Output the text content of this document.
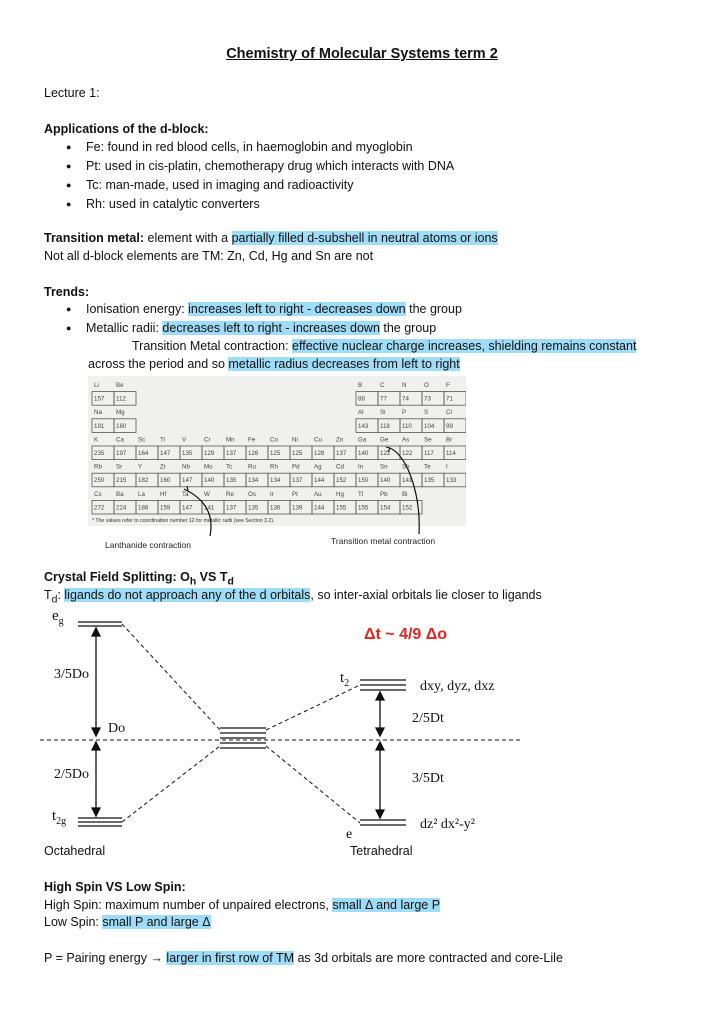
Chemistry of Molecular Systems term 2
Lecture 1:
Applications of the d-block:
● Fe: found in red blood cells, in haemoglobin and myoglobin
● Pt: used in cis-platin, chemotherapy drug which interacts with DNA
● Tc: man-made, used in imaging and radioactivity
● Rh: used in catalytic converters
Transition metal: element with a partially filled d-subshell in neutral atoms or ions
Not all d-block elements are TM: Zn, Cd, Hg and Sn are not
Trends:
● Ionisation energy: increases left to right - decreases down the group
● Metallic radii: decreases left to right - increases down the group
Transition Metal contraction: effective nuclear charge increases, shielding remains constant
across the period and so metallic radius decreases from left to right
Li	Be	B	C	N	O	F
157 112	88 77 74 73 71
Na Mg	Al	Si	P	S	Cl
191 160	143 118 110 104 99
K	Ca Sc Ti	V	Cr Mn Fe Co Ni	Cu Zn Ga Ge As Se Br
235 197 164 147 135 129 137 126 125 125 128 137 140 122 122 117 114
Rb Sr	Y	Zr	Nb Mo Tc	Ru Rh Pd Ag Cd In	Sn Sb Te I
250 215 182 160 147 140 135 134 134 137 144 152 150 140 141 135 133
Cs Ba La Hf	Ta W	Re Os Ir	Pt	Au Hg Tl	Pb Bi
272 224 188 159 147 141 137 135 136 139 144 155 155 154 152
* The values refer to coordination number 12 for metallic radii (see Section 3.2).
Lanthanide contraction	Transition metal contraction
Crystal Field Splitting: $O_h$ VS $T_d$
$T_d$: ligands do not approach any of the d orbitals, so inter-axial orbitals lie closer to ligands
Δt ~ 4/9 Δo
$e_g$
$t_{2g}$
3/5Do
2/5Do
Do
$t_2$
e
2/5Dt
3/5Dt
dxy, dyz, dxz
dz² dx²-y²
Octahedral	Tetrahedral
High Spin VS Low Spin:
High Spin: maximum number of unpaired electrons, small Δ and large P
Low Spin: small P and large Δ
P = Pairing energy → larger in first row of TM as 3d orbitals are more contracted and core-Lile
